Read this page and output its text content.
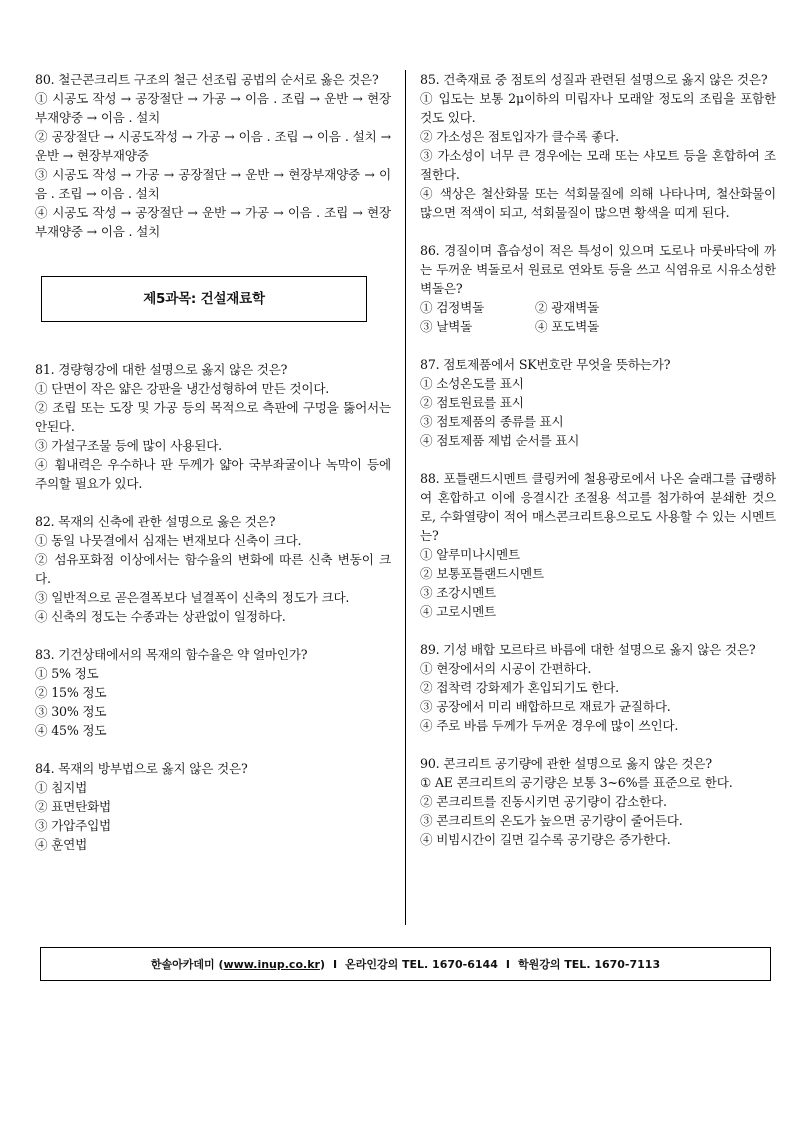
80. 철근콘크리트 구조의 철근 선조립 공법의 순서로 옳은 것은?

① 시공도 작성 → 공장절단 → 가공 → 이음 . 조립 → 운반 → 현장부재양중 → 이음 . 설치

② 공장절단 → 시공도작성 → 가공 → 이음 . 조립 → 이음 . 설치 → 운반 → 현장부재양중

③ 시공도 작성 → 가공 → 공장절단 → 운반 → 현장부재양중 → 이음 . 조립 → 이음 . 설치

④ 시공도 작성 → 공장절단 → 운반 → 가공 → 이음 . 조립 → 현장부재양중 → 이음 . 설치

제5과목: 건설재료학

81. 경량형강에 대한 설명으로 옳지 않은 것은?

① 단면이 작은 얇은 강판을 냉간성형하여 만든 것이다.

② 조립 또는 도장 및 가공 등의 목적으로 측판에 구멍을 뚫어서는 안된다.

③ 가설구조물 등에 많이 사용된다.

④ 휨내력은 우수하나 판 두께가 얇아 국부좌굴이나 녹막이 등에 주의할 필요가 있다.

82. 목재의 신축에 관한 설명으로 옳은 것은?

① 동일 나뭇결에서 심재는 변재보다 신축이 크다.

② 섬유포화점 이상에서는 함수율의 변화에 따른 신축 변동이 크다.

③ 일반적으로 곧은결폭보다 널결폭이 신축의 정도가 크다.

④ 신축의 정도는 수종과는 상관없이 일정하다.

83. 기건상태에서의 목재의 함수율은 약 얼마인가?

① 5% 정도

② 15% 정도

③ 30% 정도

④ 45% 정도

84. 목재의 방부법으로 옳지 않은 것은?

① 침지법

② 표면탄화법

③ 가압주입법

④ 훈연법

85. 건축재료 중 점토의 성질과 관련된 설명으로 옳지 않은 것은?

① 입도는 보통 2μ이하의 미립자나 모래알 정도의 조립을 포함한 것도 있다.

② 가소성은 점토입자가 클수록 좋다.

③ 가소성이 너무 큰 경우에는 모래 또는 샤모트 등을 혼합하여 조절한다.

④ 색상은 철산화물 또는 석회물질에 의해 나타나며, 철산화물이 많으면 적색이 되고, 석회물질이 많으면 황색을 띠게 된다.

86. 경질이며 흡습성이 적은 특성이 있으며 도로나 마룻바닥에 까는 두꺼운 벽돌로서 원료로 연와토 등을 쓰고 식염유로 시유소성한 벽돌은?

① 검정벽돌	② 광재벽돌
③ 날벽돌	④ 포도벽돌

87. 점토제품에서 SK번호란 무엇을 뜻하는가?

① 소성온도를 표시

② 점토원료를 표시

③ 점토제품의 종류를 표시

④ 점토제품 제법 순서를 표시

88. 포틀랜드시멘트 클링커에 철용광로에서 나온 슬래그를 급랭하여 혼합하고 이에 응결시간 조절용 석고를 첨가하여 분쇄한 것으로, 수화열량이 적어 매스콘크리트용으로도 사용할 수 있는 시멘트는?

① 알루미나시멘트

② 보통포틀랜드시멘트

③ 조강시멘트

④ 고로시멘트

89. 기성 배합 모르타르 바름에 대한 설명으로 옳지 않은 것은?

① 현장에서의 시공이 간편하다.

② 접착력 강화제가 혼입되기도 한다.

③ 공장에서 미리 배합하므로 재료가 균질하다.

④ 주로 바름 두께가 두꺼운 경우에 많이 쓰인다.

90. 콘크리트 공기량에 관한 설명으로 옳지 않은 것은?

① AE 콘크리트의 공기량은 보통 3~6%를 표준으로 한다.

② 콘크리트를 진동시키면 공기량이 감소한다.

③ 콘크리트의 온도가 높으면 공기량이 줄어든다.

④ 비빔시간이 길면 길수록 공기량은 증가한다.

한솔아카데미 ( www.inup.co.kr ) I 온라인강의 TEL. 1670-6144 I 학원강의 TEL. 1670-7113
